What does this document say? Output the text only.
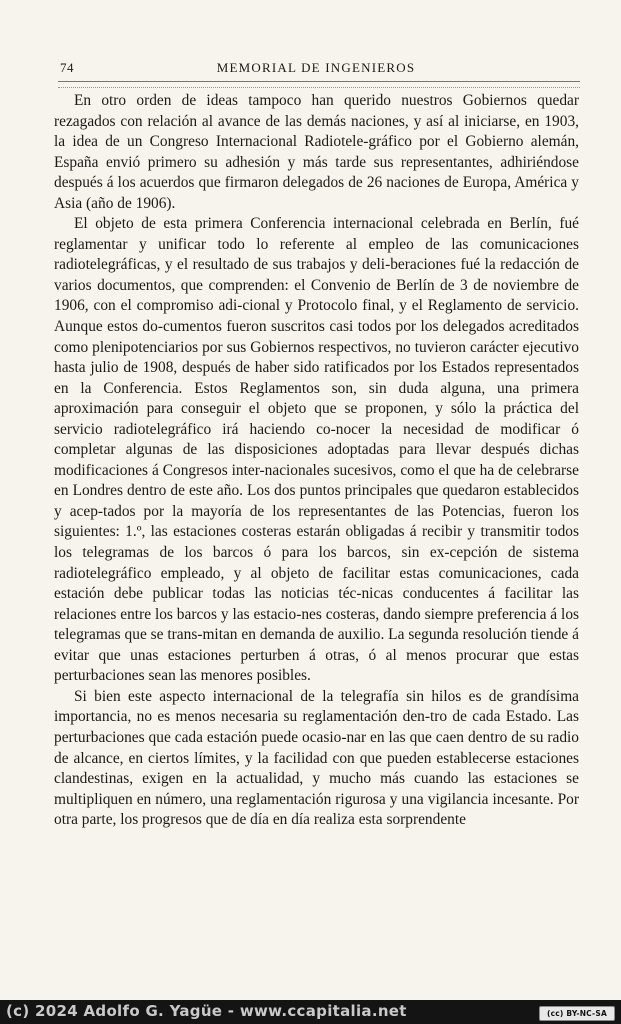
74	MEMORIAL DE INGENIEROS

En otro orden de ideas tampoco han querido nuestros Gobiernos quedar rezagados con relación al avance de las demás naciones, y así al iniciarse, en 1903, la idea de un Congreso Internacional Radiotele-gráfico por el Gobierno alemán, España envió primero su adhesión y más tarde sus representantes, adhiriéndose después á los acuerdos que firmaron delegados de 26 naciones de Europa, América y Asia (año de 1906).

El objeto de esta primera Conferencia internacional celebrada en Berlín, fué reglamentar y unificar todo lo referente al empleo de las comunicaciones radiotelegráficas, y el resultado de sus trabajos y deli-beraciones fué la redacción de varios documentos, que comprenden: el Convenio de Berlín de 3 de noviembre de 1906, con el compromiso adi-cional y Protocolo final, y el Reglamento de servicio. Aunque estos do-cumentos fueron suscritos casi todos por los delegados acreditados como plenipotenciarios por sus Gobiernos respectivos, no tuvieron carácter ejecutivo hasta julio de 1908, después de haber sido ratificados por los Estados representados en la Conferencia. Estos Reglamentos son, sin duda alguna, una primera aproximación para conseguir el objeto que se proponen, y sólo la práctica del servicio radiotelegráfico irá haciendo co-nocer la necesidad de modificar ó completar algunas de las disposiciones adoptadas para llevar después dichas modificaciones á Congresos inter-nacionales sucesivos, como el que ha de celebrarse en Londres dentro de este año. Los dos puntos principales que quedaron establecidos y acep-tados por la mayoría de los representantes de las Potencias, fueron los siguientes: 1.º, las estaciones costeras estarán obligadas á recibir y transmitir todos los telegramas de los barcos ó para los barcos, sin ex-cepción de sistema radiotelegráfico empleado, y al objeto de facilitar estas comunicaciones, cada estación debe publicar todas las noticias téc-nicas conducentes á facilitar las relaciones entre los barcos y las estacio-nes costeras, dando siempre preferencia á los telegramas que se trans-mitan en demanda de auxilio. La segunda resolución tiende á evitar que unas estaciones perturben á otras, ó al menos procurar que estas perturbaciones sean las menores posibles.

Si bien este aspecto internacional de la telegrafía sin hilos es de grandísima importancia, no es menos necesaria su reglamentación den-tro de cada Estado. Las perturbaciones que cada estación puede ocasio-nar en las que caen dentro de su radio de alcance, en ciertos límites, y la facilidad con que pueden establecerse estaciones clandestinas, exigen en la actualidad, y mucho más cuando las estaciones se multipliquen en número, una reglamentación rigurosa y una vigilancia incesante. Por otra parte, los progresos que de día en día realiza esta sorprendente

(c) 2024 Adolfo G. Yagüe - www.ccapitalia.net	(cc) BY-NC-SA
